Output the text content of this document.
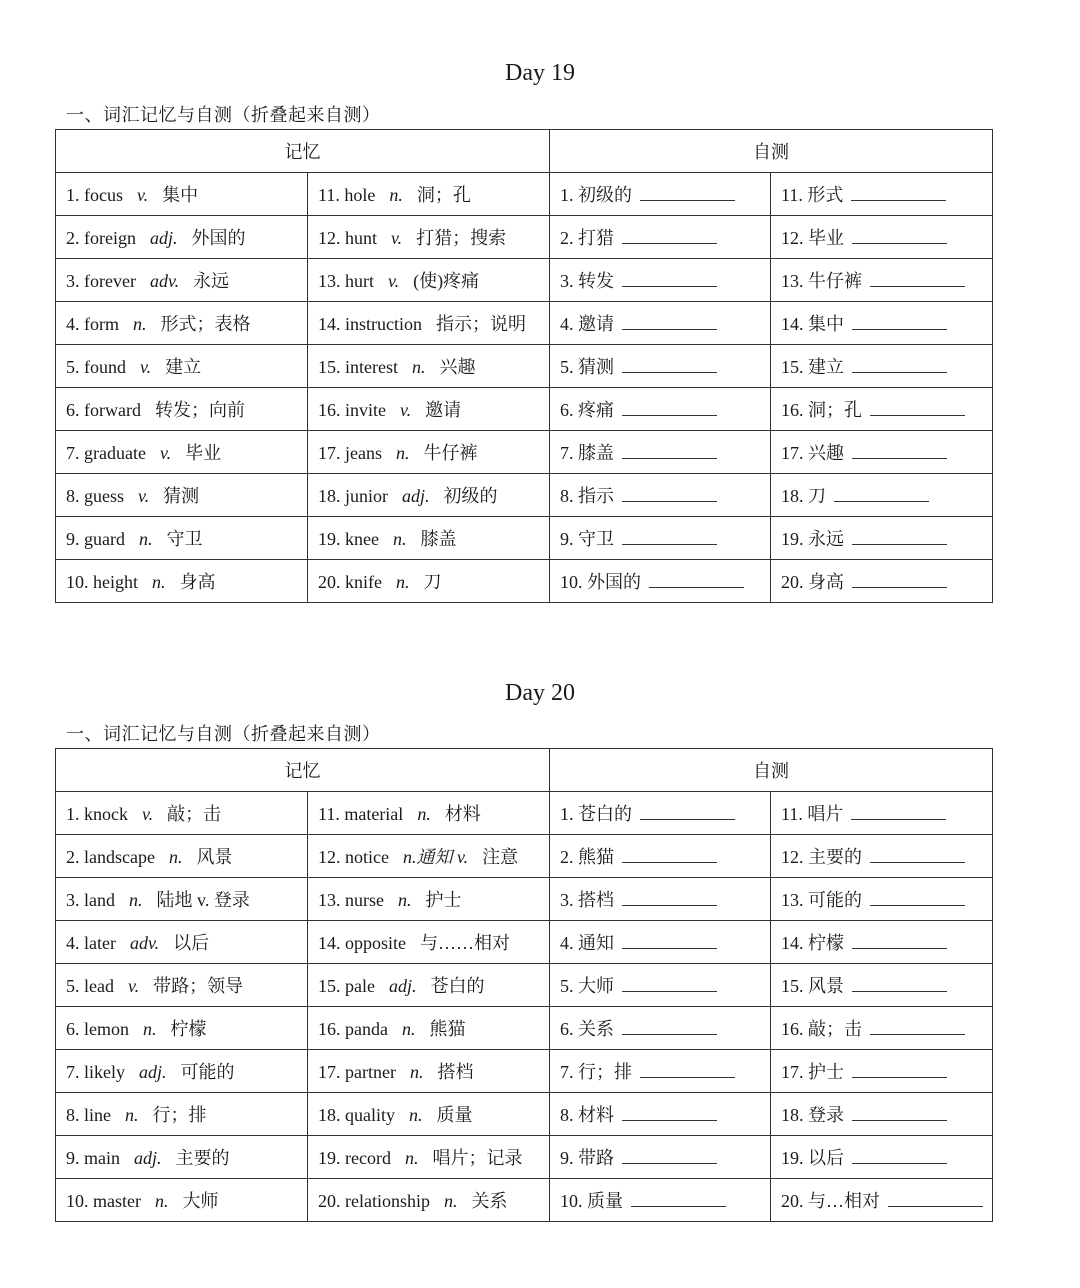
Day 19
一、词汇记忆与自测（折叠起来自测）
记忆		自测	
1. focus v. 集中	11. hole n. 洞；孔	1. 初级的	11. 形式
2. foreign adj. 外国的	12. hunt v. 打猎；搜索	2. 打猎	12. 毕业
3. forever adv. 永远	13. hurt v. (使)疼痛	3. 转发	13. 牛仔裤
4. form n. 形式；表格	14. instruction 指示；说明	4. 邀请	14. 集中
5. found v. 建立	15. interest n. 兴趣	5. 猜测	15. 建立
6. forward 转发；向前	16. invite v. 邀请	6. 疼痛	16. 洞；孔
7. graduate v. 毕业	17. jeans n. 牛仔裤	7. 膝盖	17. 兴趣
8. guess v. 猜测	18. junior adj. 初级的	8. 指示	18. 刀
9. guard n. 守卫	19. knee n. 膝盖	9. 守卫	19. 永远
10. height n. 身高	20. knife n. 刀	10. 外国的	20. 身高
Day 20
一、词汇记忆与自测（折叠起来自测）
记忆		自测	
1. knock v. 敲；击	11. material n. 材料	1. 苍白的	11. 唱片
2. landscape n. 风景	12. notice n.通知 v. 注意	2. 熊猫	12. 主要的
3. land n. 陆地 v. 登录	13. nurse n. 护士	3. 搭档	13. 可能的
4. later adv. 以后	14. opposite 与……相对	4. 通知	14. 柠檬
5. lead v. 带路；领导	15. pale adj. 苍白的	5. 大师	15. 风景
6. lemon n. 柠檬	16. panda n. 熊猫	6. 关系	16. 敲；击
7. likely adj. 可能的	17. partner n. 搭档	7. 行；排	17. 护士
8. line n. 行；排	18. quality n. 质量	8. 材料	18. 登录
9. main adj. 主要的	19. record n. 唱片；记录	9. 带路	19. 以后
10. master n. 大师	20. relationship n. 关系	10. 质量	20. 与…相对
